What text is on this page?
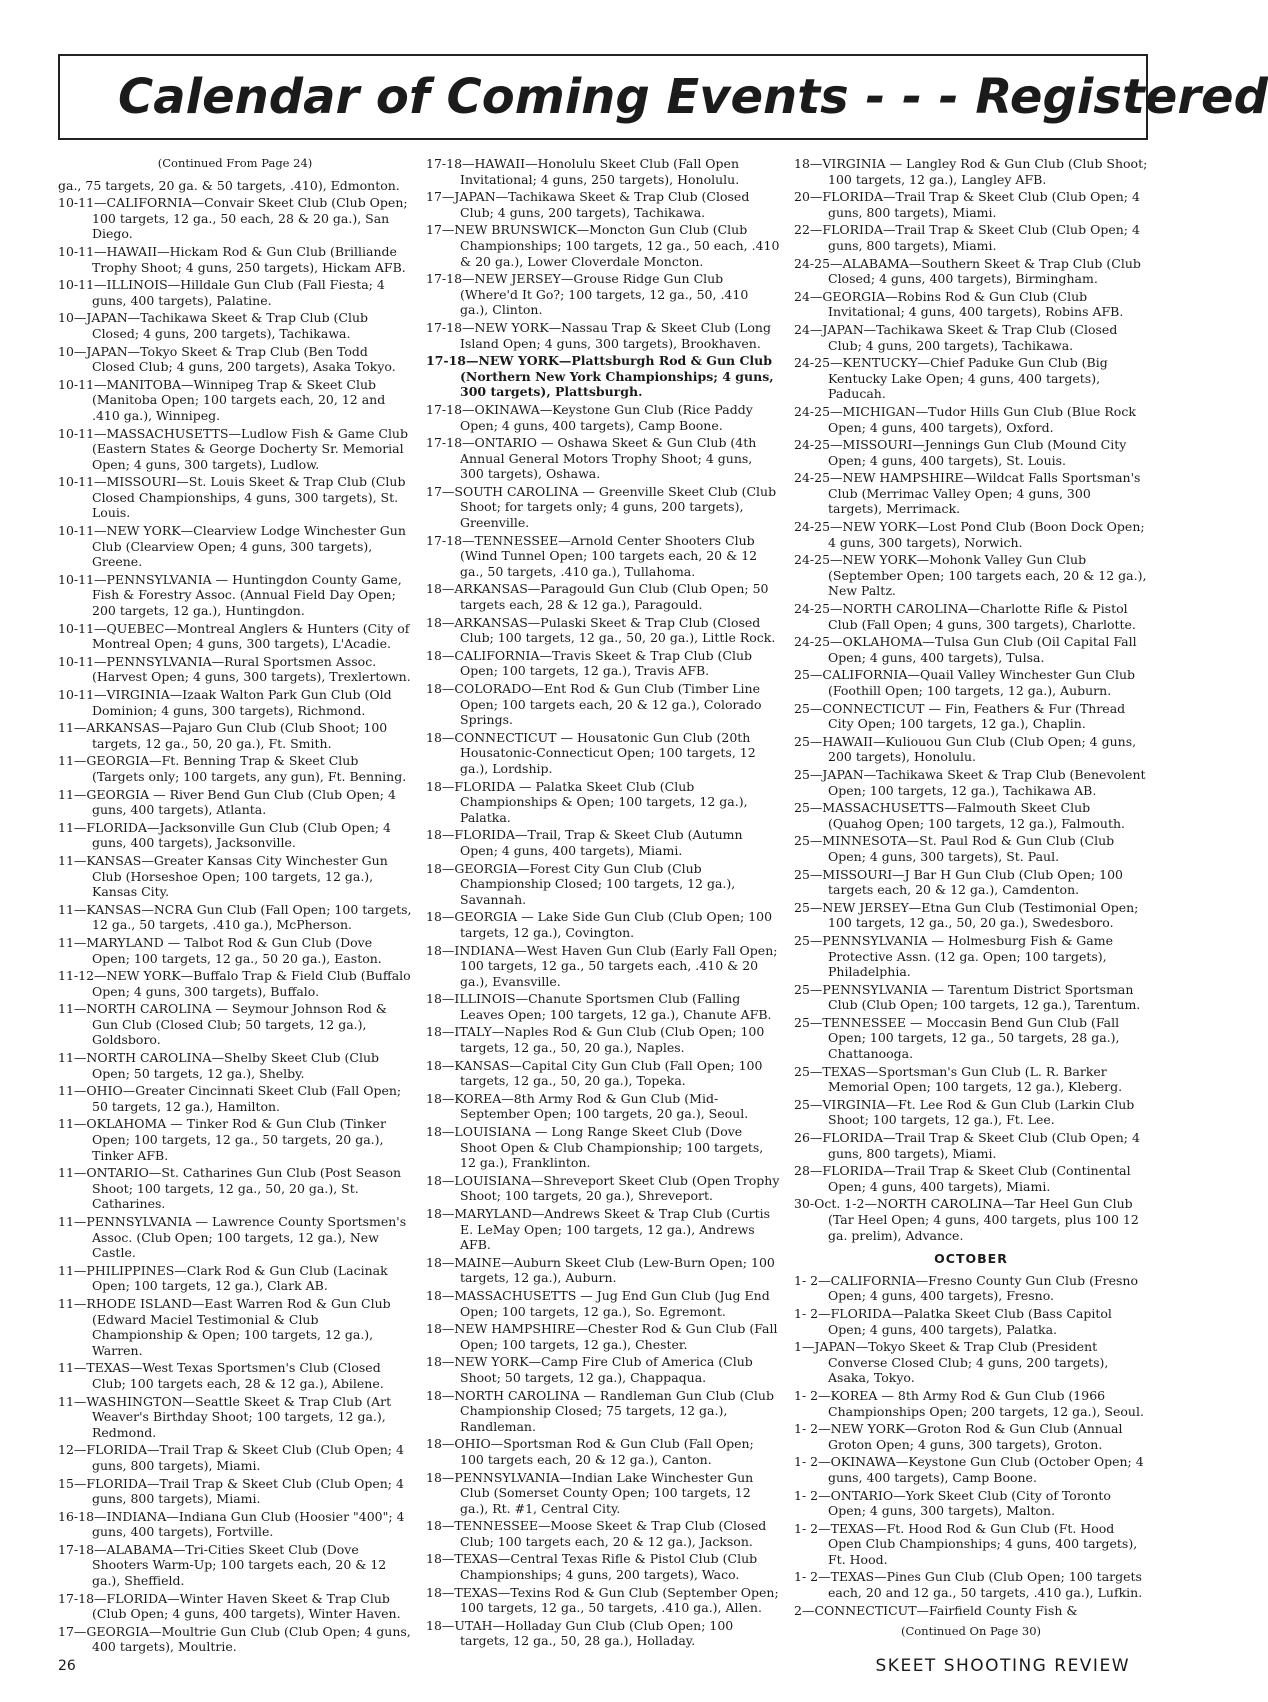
Calendar of Coming Events - - - Registered

(Continued From Page 24)

ga., 75 targets, 20 ga. & 50 targets, .410), Edmonton.

10-11—CALIFORNIA—Convair Skeet Club (Club Open; 100 targets, 12 ga., 50 each, 28 & 20 ga.), San Diego.

10-11—HAWAII—Hickam Rod & Gun Club (Brilliande Trophy Shoot; 4 guns, 250 targets), Hickam AFB.

10-11—ILLINOIS—Hilldale Gun Club (Fall Fiesta; 4 guns, 400 targets), Palatine.

10—JAPAN—Tachikawa Skeet & Trap Club (Club Closed; 4 guns, 200 targets), Tachikawa.

10—JAPAN—Tokyo Skeet & Trap Club (Ben Todd Closed Club; 4 guns, 200 targets), Asaka Tokyo.

10-11—MANITOBA—Winnipeg Trap & Skeet Club (Manitoba Open; 100 targets each, 20, 12 and .410 ga.), Winnipeg.

10-11—MASSACHUSETTS—Ludlow Fish & Game Club (Eastern States & George Docherty Sr. Memorial Open; 4 guns, 300 targets), Ludlow.

10-11—MISSOURI—St. Louis Skeet & Trap Club (Club Closed Championships, 4 guns, 300 targets), St. Louis.

10-11—NEW YORK—Clearview Lodge Winchester Gun Club (Clearview Open; 4 guns, 300 targets), Greene.

10-11—PENNSYLVANIA — Huntingdon County Game, Fish & Forestry Assoc. (Annual Field Day Open; 200 targets, 12 ga.), Huntingdon.

10-11—QUEBEC—Montreal Anglers & Hunters (City of Montreal Open; 4 guns, 300 targets), L'Acadie.

10-11—PENNSYLVANIA—Rural Sportsmen Assoc. (Harvest Open; 4 guns, 300 targets), Trexlertown.

10-11—VIRGINIA—Izaak Walton Park Gun Club (Old Dominion; 4 guns, 300 targets), Richmond.

11—ARKANSAS—Pajaro Gun Club (Club Shoot; 100 targets, 12 ga., 50, 20 ga.), Ft. Smith.

11—GEORGIA—Ft. Benning Trap & Skeet Club (Targets only; 100 targets, any gun), Ft. Benning.

11—GEORGIA — River Bend Gun Club (Club Open; 4 guns, 400 targets), Atlanta.

11—FLORIDA—Jacksonville Gun Club (Club Open; 4 guns, 400 targets), Jacksonville.

11—KANSAS—Greater Kansas City Winchester Gun Club (Horseshoe Open; 100 targets, 12 ga.), Kansas City.

11—KANSAS—NCRA Gun Club (Fall Open; 100 targets, 12 ga., 50 targets, .410 ga.), McPherson.

11—MARYLAND — Talbot Rod & Gun Club (Dove Open; 100 targets, 12 ga., 50 20 ga.), Easton.

11-12—NEW YORK—Buffalo Trap & Field Club (Buffalo Open; 4 guns, 300 targets), Buffalo.

11—NORTH CAROLINA — Seymour Johnson Rod & Gun Club (Closed Club; 50 targets, 12 ga.), Goldsboro.

11—NORTH CAROLINA—Shelby Skeet Club (Club Open; 50 targets, 12 ga.), Shelby.

11—OHIO—Greater Cincinnati Skeet Club (Fall Open; 50 targets, 12 ga.), Hamilton.

11—OKLAHOMA — Tinker Rod & Gun Club (Tinker Open; 100 targets, 12 ga., 50 targets, 20 ga.), Tinker AFB.

11—ONTARIO—St. Catharines Gun Club (Post Season Shoot; 100 targets, 12 ga., 50, 20 ga.), St. Catharines.

11—PENNSYLVANIA — Lawrence County Sportsmen's Assoc. (Club Open; 100 targets, 12 ga.), New Castle.

11—PHILIPPINES—Clark Rod & Gun Club (Lacinak Open; 100 targets, 12 ga.), Clark AB.

11—RHODE ISLAND—East Warren Rod & Gun Club (Edward Maciel Testimonial & Club Championship & Open; 100 targets, 12 ga.), Warren.

11—TEXAS—West Texas Sportsmen's Club (Closed Club; 100 targets each, 28 & 12 ga.), Abilene.

11—WASHINGTON—Seattle Skeet & Trap Club (Art Weaver's Birthday Shoot; 100 targets, 12 ga.), Redmond.

12—FLORIDA—Trail Trap & Skeet Club (Club Open; 4 guns, 800 targets), Miami.

15—FLORIDA—Trail Trap & Skeet Club (Club Open; 4 guns, 800 targets), Miami.

16-18—INDIANA—Indiana Gun Club (Hoosier "400"; 4 guns, 400 targets), Fortville.

17-18—ALABAMA—Tri-Cities Skeet Club (Dove Shooters Warm-Up; 100 targets each, 20 & 12 ga.), Sheffield.

17-18—FLORIDA—Winter Haven Skeet & Trap Club (Club Open; 4 guns, 400 targets), Winter Haven.

17—GEORGIA—Moultrie Gun Club (Club Open; 4 guns, 400 targets), Moultrie.

17-18—HAWAII—Honolulu Skeet Club (Fall Open Invitational; 4 guns, 250 targets), Honolulu.

17—JAPAN—Tachikawa Skeet & Trap Club (Closed Club; 4 guns, 200 targets), Tachikawa.

17—NEW BRUNSWICK—Moncton Gun Club (Club Championships; 100 targets, 12 ga., 50 each, .410 & 20 ga.), Lower Cloverdale Moncton.

17-18—NEW JERSEY—Grouse Ridge Gun Club (Where'd It Go?; 100 targets, 12 ga., 50, .410 ga.), Clinton.

17-18—NEW YORK—Nassau Trap & Skeet Club (Long Island Open; 4 guns, 300 targets), Brookhaven.

17-18—NEW YORK—Plattsburgh Rod & Gun Club (Northern New York Championships; 4 guns, 300 targets), Plattsburgh.

17-18—OKINAWA—Keystone Gun Club (Rice Paddy Open; 4 guns, 400 targets), Camp Boone.

17-18—ONTARIO — Oshawa Skeet & Gun Club (4th Annual General Motors Trophy Shoot; 4 guns, 300 targets), Oshawa.

17—SOUTH CAROLINA — Greenville Skeet Club (Club Shoot; for targets only; 4 guns, 200 targets), Greenville.

17-18—TENNESSEE—Arnold Center Shooters Club (Wind Tunnel Open; 100 targets each, 20 & 12 ga., 50 targets, .410 ga.), Tullahoma.

18—ARKANSAS—Paragould Gun Club (Club Open; 50 targets each, 28 & 12 ga.), Paragould.

18—ARKANSAS—Pulaski Skeet & Trap Club (Closed Club; 100 targets, 12 ga., 50, 20 ga.), Little Rock.

18—CALIFORNIA—Travis Skeet & Trap Club (Club Open; 100 targets, 12 ga.), Travis AFB.

18—COLORADO—Ent Rod & Gun Club (Timber Line Open; 100 targets each, 20 & 12 ga.), Colorado Springs.

18—CONNECTICUT — Housatonic Gun Club (20th Housatonic-Connecticut Open; 100 targets, 12 ga.), Lordship.

18—FLORIDA — Palatka Skeet Club (Club Championships & Open; 100 targets, 12 ga.), Palatka.

18—FLORIDA—Trail, Trap & Skeet Club (Autumn Open; 4 guns, 400 targets), Miami.

18—GEORGIA—Forest City Gun Club (Club Championship Closed; 100 targets, 12 ga.), Savannah.

18—GEORGIA — Lake Side Gun Club (Club Open; 100 targets, 12 ga.), Covington.

18—INDIANA—West Haven Gun Club (Early Fall Open; 100 targets, 12 ga., 50 targets each, .410 & 20 ga.), Evansville.

18—ILLINOIS—Chanute Sportsmen Club (Falling Leaves Open; 100 targets, 12 ga.), Chanute AFB.

18—ITALY—Naples Rod & Gun Club (Club Open; 100 targets, 12 ga., 50, 20 ga.), Naples.

18—KANSAS—Capital City Gun Club (Fall Open; 100 targets, 12 ga., 50, 20 ga.), Topeka.

18—KOREA—8th Army Rod & Gun Club (Mid-September Open; 100 targets, 20 ga.), Seoul.

18—LOUISIANA — Long Range Skeet Club (Dove Shoot Open & Club Championship; 100 targets, 12 ga.), Franklinton.

18—LOUISIANA—Shreveport Skeet Club (Open Trophy Shoot; 100 targets, 20 ga.), Shreveport.

18—MARYLAND—Andrews Skeet & Trap Club (Curtis E. LeMay Open; 100 targets, 12 ga.), Andrews AFB.

18—MAINE—Auburn Skeet Club (Lew-Burn Open; 100 targets, 12 ga.), Auburn.

18—MASSACHUSETTS — Jug End Gun Club (Jug End Open; 100 targets, 12 ga.), So. Egremont.

18—NEW HAMPSHIRE—Chester Rod & Gun Club (Fall Open; 100 targets, 12 ga.), Chester.

18—NEW YORK—Camp Fire Club of America (Club Shoot; 50 targets, 12 ga.), Chappaqua.

18—NORTH CAROLINA — Randleman Gun Club (Club Championship Closed; 75 targets, 12 ga.), Randleman.

18—OHIO—Sportsman Rod & Gun Club (Fall Open; 100 targets each, 20 & 12 ga.), Canton.

18—PENNSYLVANIA—Indian Lake Winchester Gun Club (Somerset County Open; 100 targets, 12 ga.), Rt. #1, Central City.

18—TENNESSEE—Moose Skeet & Trap Club (Closed Club; 100 targets each, 20 & 12 ga.), Jackson.

18—TEXAS—Central Texas Rifle & Pistol Club (Club Championships; 4 guns, 200 targets), Waco.

18—TEXAS—Texins Rod & Gun Club (September Open; 100 targets, 12 ga., 50 targets, .410 ga.), Allen.

18—UTAH—Holladay Gun Club (Club Open; 100 targets, 12 ga., 50, 28 ga.), Holladay.

18—VIRGINIA — Langley Rod & Gun Club (Club Shoot; 100 targets, 12 ga.), Langley AFB.

20—FLORIDA—Trail Trap & Skeet Club (Club Open; 4 guns, 800 targets), Miami.

22—FLORIDA—Trail Trap & Skeet Club (Club Open; 4 guns, 800 targets), Miami.

24-25—ALABAMA—Southern Skeet & Trap Club (Club Closed; 4 guns, 400 targets), Birmingham.

24—GEORGIA—Robins Rod & Gun Club (Club Invitational; 4 guns, 400 targets), Robins AFB.

24—JAPAN—Tachikawa Skeet & Trap Club (Closed Club; 4 guns, 200 targets), Tachikawa.

24-25—KENTUCKY—Chief Paduke Gun Club (Big Kentucky Lake Open; 4 guns, 400 targets), Paducah.

24-25—MICHIGAN—Tudor Hills Gun Club (Blue Rock Open; 4 guns, 400 targets), Oxford.

24-25—MISSOURI—Jennings Gun Club (Mound City Open; 4 guns, 400 targets), St. Louis.

24-25—NEW HAMPSHIRE—Wildcat Falls Sportsman's Club (Merrimac Valley Open; 4 guns, 300 targets), Merrimack.

24-25—NEW YORK—Lost Pond Club (Boon Dock Open; 4 guns, 300 targets), Norwich.

24-25—NEW YORK—Mohonk Valley Gun Club (September Open; 100 targets each, 20 & 12 ga.), New Paltz.

24-25—NORTH CAROLINA—Charlotte Rifle & Pistol Club (Fall Open; 4 guns, 300 targets), Charlotte.

24-25—OKLAHOMA—Tulsa Gun Club (Oil Capital Fall Open; 4 guns, 400 targets), Tulsa.

25—CALIFORNIA—Quail Valley Winchester Gun Club (Foothill Open; 100 targets, 12 ga.), Auburn.

25—CONNECTICUT — Fin, Feathers & Fur (Thread City Open; 100 targets, 12 ga.), Chaplin.

25—HAWAII—Kuliouou Gun Club (Club Open; 4 guns, 200 targets), Honolulu.

25—JAPAN—Tachikawa Skeet & Trap Club (Benevolent Open; 100 targets, 12 ga.), Tachikawa AB.

25—MASSACHUSETTS—Falmouth Skeet Club (Quahog Open; 100 targets, 12 ga.), Falmouth.

25—MINNESOTA—St. Paul Rod & Gun Club (Club Open; 4 guns, 300 targets), St. Paul.

25—MISSOURI—J Bar H Gun Club (Club Open; 100 targets each, 20 & 12 ga.), Camdenton.

25—NEW JERSEY—Etna Gun Club (Testimonial Open; 100 targets, 12 ga., 50, 20 ga.), Swedesboro.

25—PENNSYLVANIA — Holmesburg Fish & Game Protective Assn. (12 ga. Open; 100 targets), Philadelphia.

25—PENNSYLVANIA — Tarentum District Sportsman Club (Club Open; 100 targets, 12 ga.), Tarentum.

25—TENNESSEE — Moccasin Bend Gun Club (Fall Open; 100 targets, 12 ga., 50 targets, 28 ga.), Chattanooga.

25—TEXAS—Sportsman's Gun Club (L. R. Barker Memorial Open; 100 targets, 12 ga.), Kleberg.

25—VIRGINIA—Ft. Lee Rod & Gun Club (Larkin Club Shoot; 100 targets, 12 ga.), Ft. Lee.

26—FLORIDA—Trail Trap & Skeet Club (Club Open; 4 guns, 800 targets), Miami.

28—FLORIDA—Trail Trap & Skeet Club (Continental Open; 4 guns, 400 targets), Miami.

30-Oct. 1-2—NORTH CAROLINA—Tar Heel Gun Club (Tar Heel Open; 4 guns, 400 targets, plus 100 12 ga. prelim), Advance.

OCTOBER

1- 2—CALIFORNIA—Fresno County Gun Club (Fresno Open; 4 guns, 400 targets), Fresno.

1- 2—FLORIDA—Palatka Skeet Club (Bass Capitol Open; 4 guns, 400 targets), Palatka.

1—JAPAN—Tokyo Skeet & Trap Club (President Converse Closed Club; 4 guns, 200 targets), Asaka, Tokyo.

1- 2—KOREA — 8th Army Rod & Gun Club (1966 Championships Open; 200 targets, 12 ga.), Seoul.

1- 2—NEW YORK—Groton Rod & Gun Club (Annual Groton Open; 4 guns, 300 targets), Groton.

1- 2—OKINAWA—Keystone Gun Club (October Open; 4 guns, 400 targets), Camp Boone.

1- 2—ONTARIO—York Skeet Club (City of Toronto Open; 4 guns, 300 targets), Malton.

1- 2—TEXAS—Ft. Hood Rod & Gun Club (Ft. Hood Open Club Championships; 4 guns, 400 targets), Ft. Hood.

1- 2—TEXAS—Pines Gun Club (Club Open; 100 targets each, 20 and 12 ga., 50 targets, .410 ga.), Lufkin.

2—CONNECTICUT—Fairfield County Fish &

(Continued On Page 30)

26	SKEET SHOOTING REVIEW
